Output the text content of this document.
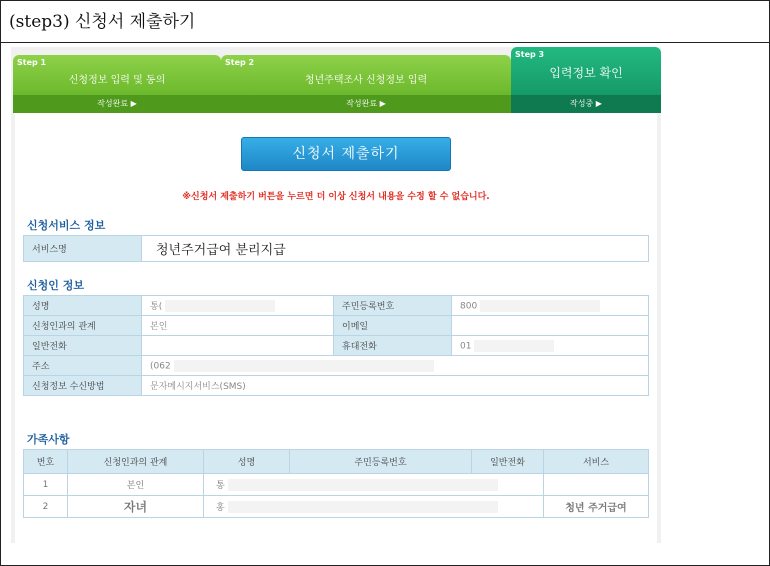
(step3) 신청서 제출하기
Step 1
신청정보 입력 및 동의
작성완료 ▶
Step 2
청년주택조사 신청정보 입력
작성완료 ▶
Step 3
입력정보 확인
작성중 ▶
신청서 제출하기
※신청서 제출하기 버튼을 누르면 더 이상 신청서 내용을 수정 할 수 없습니다.
신청서비스 정보
서비스명	청년주거급여 분리지급
신청인 정보
성명	통(	주민등록번호	800
신청인과의 관계	본인	이메일	
일반전화		휴대전화	01
주소	(062		
신청정보 수신방법	문자메시지서비스(SMS)		
가족사항
번호	신청인과의 관계	성명	주민등록번호	일반전화	서비스
1	본인	통			
2	자녀	홍			청년 주거급여
